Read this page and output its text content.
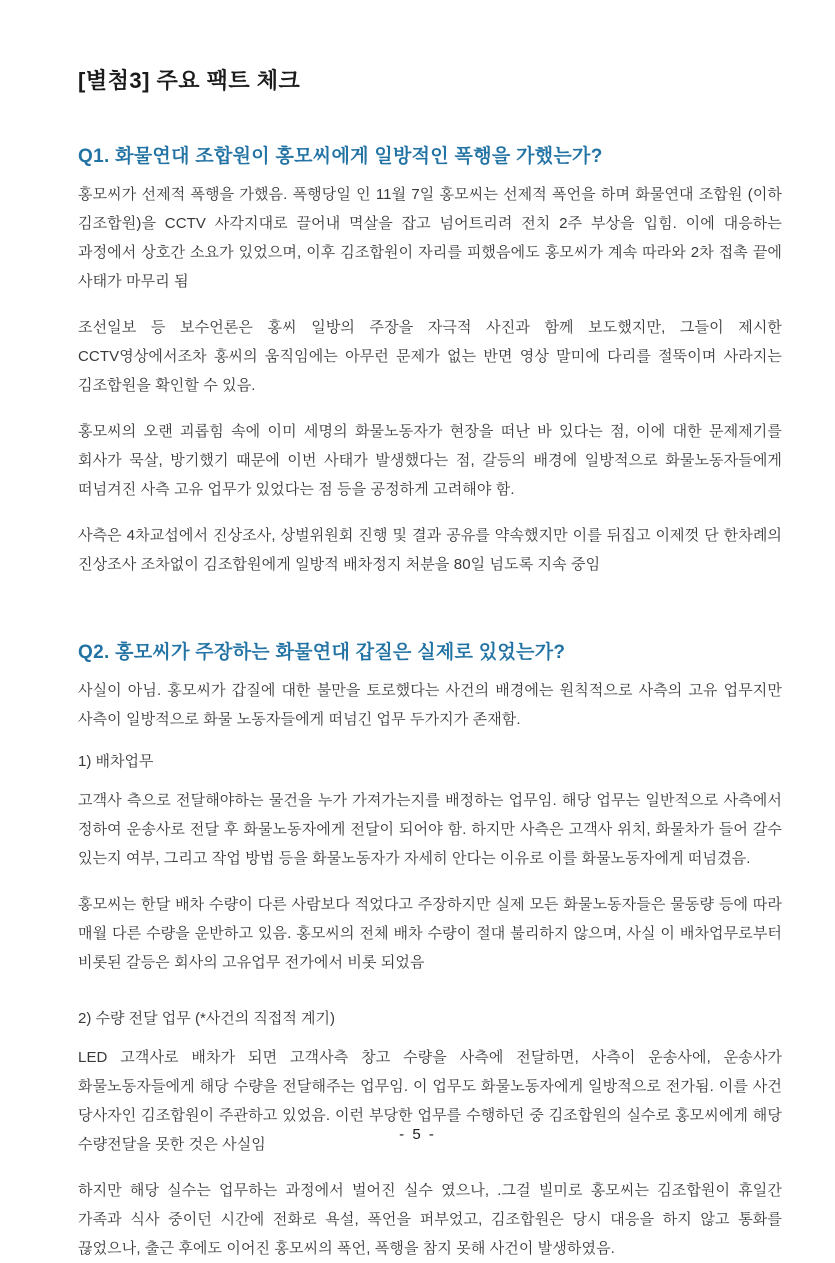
[별첨3] 주요 팩트 체크
Q1. 화물연대 조합원이 홍모씨에게 일방적인 폭행을 가했는가?

홍모씨가 선제적 폭행을 가했음. 폭행당일 인 11월 7일 홍모씨는 선제적 폭언을 하며 화물연대 조합원 (이하 김조합원)을 CCTV 사각지대로 끌어내 멱살을 잡고 넘어트리려 전치 2주 부상을 입힘. 이에 대응하는 과정에서 상호간 소요가 있었으며, 이후 김조합원이 자리를 피했음에도 홍모씨가 계속 따라와 2차 접촉 끝에 사태가 마무리 됨

조선일보 등 보수언론은 홍씨 일방의 주장을 자극적 사진과 함께 보도했지만, 그들이 제시한 CCTV영상에서조차 홍씨의 움직임에는 아무런 문제가 없는 반면 영상 말미에 다리를 절뚝이며 사라지는 김조합원을 확인할 수 있음.

홍모씨의 오랜 괴롭힘 속에 이미 세명의 화물노동자가 현장을 떠난 바 있다는 점, 이에 대한 문제제기를 회사가 묵살, 방기했기 때문에 이번 사태가 발생했다는 점, 갈등의 배경에 일방적으로 화물노동자들에게 떠넘겨진 사측 고유 업무가 있었다는 점 등을 공정하게 고려해야 함.

사측은 4차교섭에서 진상조사, 상벌위원회 진행 및 결과 공유를 약속했지만 이를 뒤집고 이제껏 단 한차례의 진상조사 조차없이 김조합원에게 일방적 배차정지 처분을 80일 넘도록 지속 중임

Q2. 홍모씨가 주장하는 화물연대 갑질은 실제로 있었는가?

사실이 아님. 홍모씨가 갑질에 대한 불만을 토로했다는 사건의 배경에는 원칙적으로 사측의 고유 업무지만 사측이 일방적으로 화물 노동자들에게 떠넘긴 업무 두가지가 존재함.

1) 배차업무

고객사 측으로 전달해야하는 물건을 누가 가져가는지를 배정하는 업무임. 해당 업무는 일반적으로 사측에서 정하여 운송사로 전달 후 화물노동자에게 전달이 되어야 함. 하지만 사측은 고객사 위치, 화물차가 들어 갈수 있는지 여부, 그리고 작업 방법 등을 화물노동자가 자세히 안다는 이유로 이를 화물노동자에게 떠넘겼음.

홍모씨는 한달 배차 수량이 다른 사람보다 적었다고 주장하지만 실제 모든 화물노동자들은 물동량 등에 따라 매월 다른 수량을 운반하고 있음. 홍모씨의 전체 배차 수량이 절대 불리하지 않으며, 사실 이 배차업무로부터 비롯된 갈등은 회사의 고유업무 전가에서 비롯 되었음

2) 수량 전달 업무 (*사건의 직접적 계기)

LED 고객사로 배차가 되면 고객사측 창고 수량을 사측에 전달하면, 사측이 운송사에, 운송사가 화물노동자들에게 해당 수량을 전달해주는 업무임. 이 업무도 화물노동자에게 일방적으로 전가됨. 이를 사건 당사자인 김조합원이 주관하고 있었음. 이런 부당한 업무를 수행하던 중 김조합원의 실수로 홍모씨에게 해당 수량전달을 못한 것은 사실임

하지만 해당 실수는 업무하는 과정에서 벌어진 실수 였으나, .그걸 빌미로 홍모씨는 김조합원이 휴일간 가족과 식사 중이던 시간에 전화로 욕설, 폭언을 퍼부었고, 김조합원은 당시 대응을 하지 않고 통화를 끊었으나, 출근 후에도 이어진 홍모씨의 폭언, 폭행을 참지 못해 사건이 발생하였음.

- 5 -
